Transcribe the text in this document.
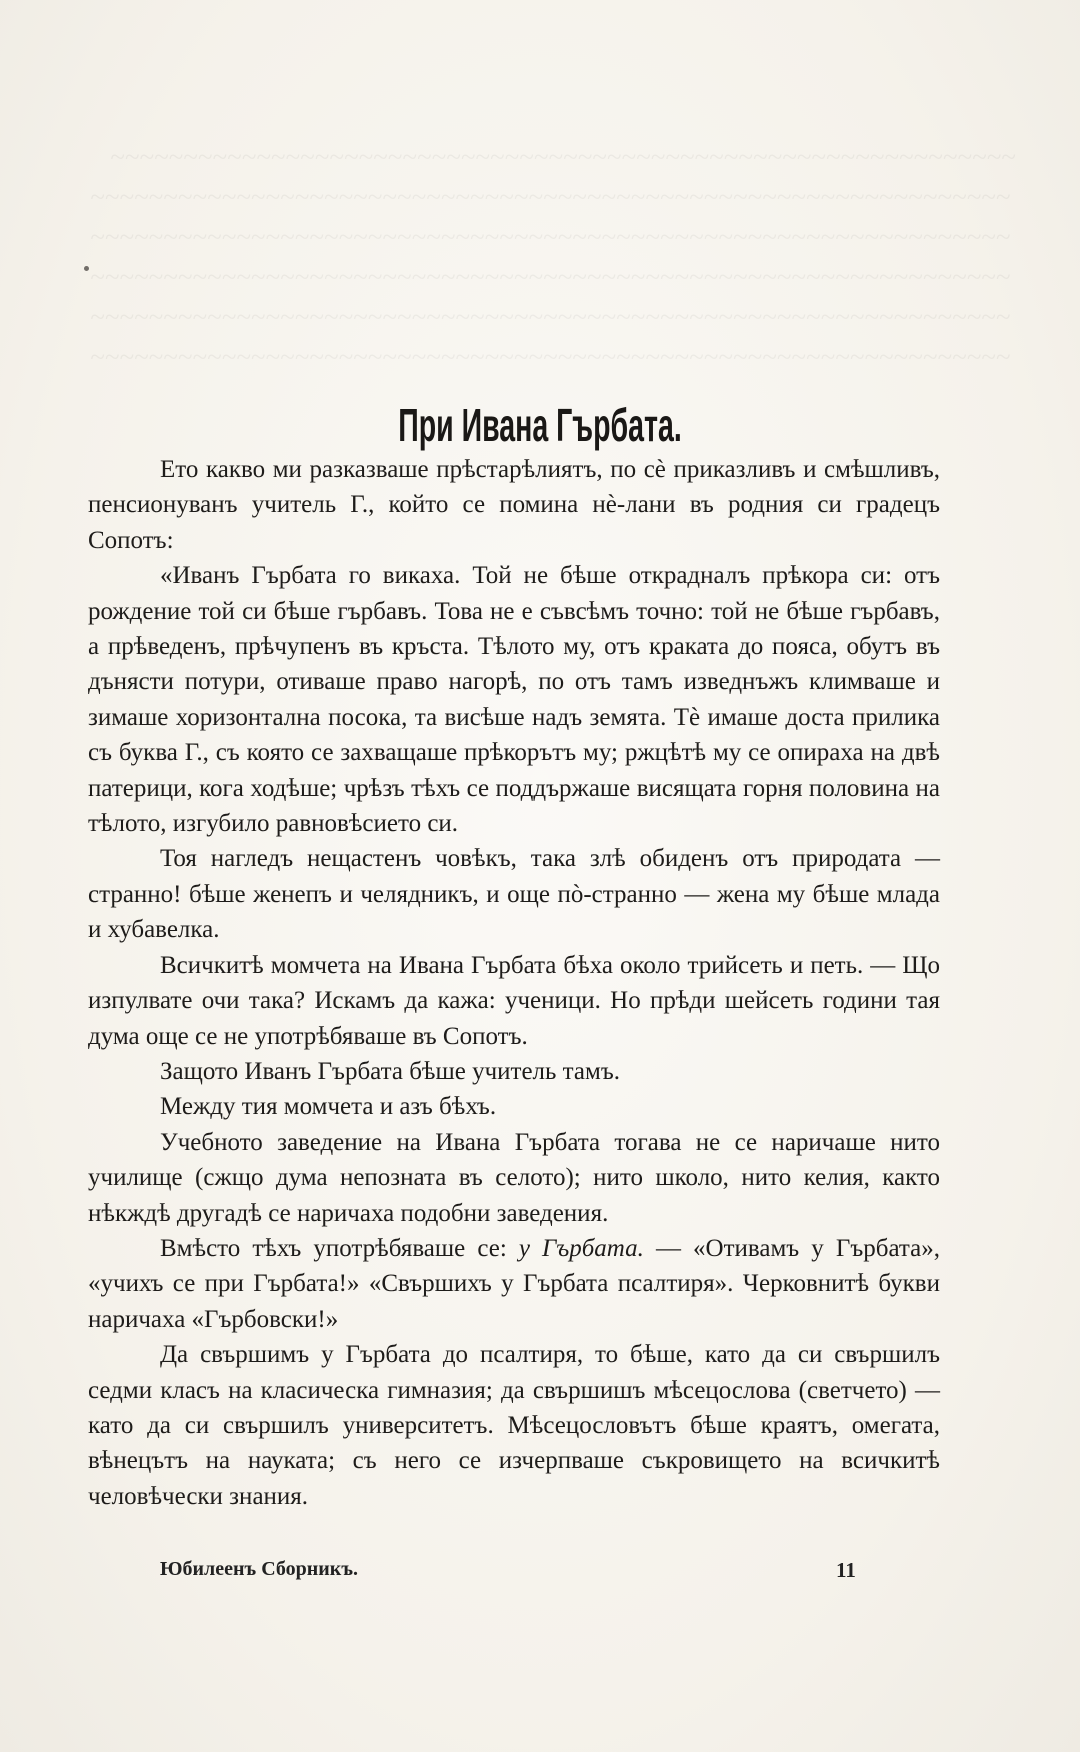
При Ивана Гърбата.

Ето какво ми разказваше прѣстарѣлиятъ, по сè приказливъ и смѣшливъ, пенсионуванъ учитель Г., който се помина нѐ-лани въ родния си градецъ Сопотъ:

«Иванъ Гърбата го викаха. Той не бѣше открадналъ прѣкора си: отъ рождение той си бѣше гърбавъ. Това не е съвсѣмъ точно: той не бѣше гърбавъ, а прѣведенъ, прѣчупенъ въ кръста. Тѣлото му, отъ краката до пояса, обутъ въ дънясти потури, отиваше право нагорѣ, по отъ тамъ изведнъжъ климваше и зимаше хоризонтална посока, та висѣше надъ земята. Тѐ имаше доста прилика съ буква Г., съ която се захващаше прѣкорътъ му; ржцѣтѣ му се опираха на двѣ патерици, кога ходѣше; чрѣзъ тѣхъ се поддържаше висящата горня половина на тѣлото, изгубило равновѣсието си.

Тоя нагледъ нещастенъ човѣкъ, така злѣ обиденъ отъ природата — странно! бѣше женепъ и челядникъ, и още пò-странно — жена му бѣше млада и хубавелка.

Всичкитѣ момчета на Ивана Гърбата бѣха около трийсеть и петь. — Що изпулвате очи така? Искамъ да кажа: ученици. Но прѣди шейсеть години тая дума още се не употрѣбяваше въ Сопотъ.

Защото Иванъ Гърбата бѣше учитель тамъ.

Между тия момчета и азъ бѣхъ.

Учебното заведение на Ивана Гърбата тогава не се наричаше нито училище (сжщо дума непозната въ селото); нито школо, нито келия, както нѣкждѣ другадѣ се наричаха подобни заведения.

Вмѣсто тѣхъ употрѣбяваше се: у Гърбата. — «Отивамъ у Гърбата», «учихъ се при Гърбата!» «Свършихъ у Гърбата псалтиря». Черковнитѣ букви наричаха «Гърбовски!»

Да свършимъ у Гърбата до псалтиря, то бѣше, като да си свършилъ седми класъ на класическа гимназия; да свършишъ мѣсецослова (светчето) — като да си свършилъ университетъ. Мѣсецословътъ бѣше краятъ, омегата, вѣнецътъ на науката; съ него се изчерпваше съкровището на всичкитѣ человѣчески знания.

Юбилеенъ Сборникъ.	11
